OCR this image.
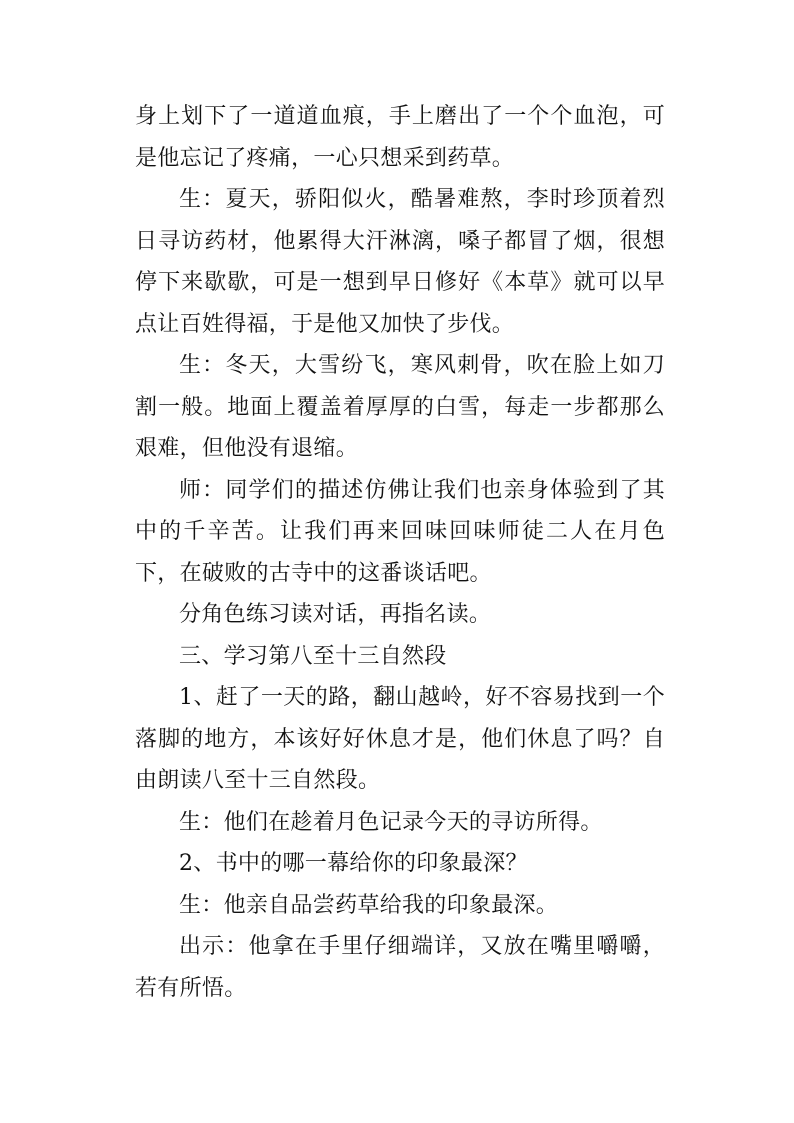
身上划下了一道道血痕，手上磨出了一个个血泡，可是他忘记了疼痛，一心只想采到药草。

生：夏天，骄阳似火，酷暑难熬，李时珍顶着烈日寻访药材，他累得大汗淋漓，嗓子都冒了烟，很想停下来歇歇，可是一想到早日修好《本草》就可以早点让百姓得福，于是他又加快了步伐。

生：冬天，大雪纷飞，寒风刺骨，吹在脸上如刀割一般。地面上覆盖着厚厚的白雪，每走一步都那么艰难，但他没有退缩。

师：同学们的描述仿佛让我们也亲身体验到了其中的千辛苦。让我们再来回味回味师徒二人在月色下，在破败的古寺中的这番谈话吧。

分角色练习读对话，再指名读。

三、学习第八至十三自然段

1、赶了一天的路，翻山越岭，好不容易找到一个落脚的地方，本该好好休息才是，他们休息了吗？自由朗读八至十三自然段。

生：他们在趁着月色记录今天的寻访所得。

2、书中的哪一幕给你的印象最深？

生：他亲自品尝药草给我的印象最深。

出示：他拿在手里仔细端详，又放在嘴里嚼嚼，若有所悟。
